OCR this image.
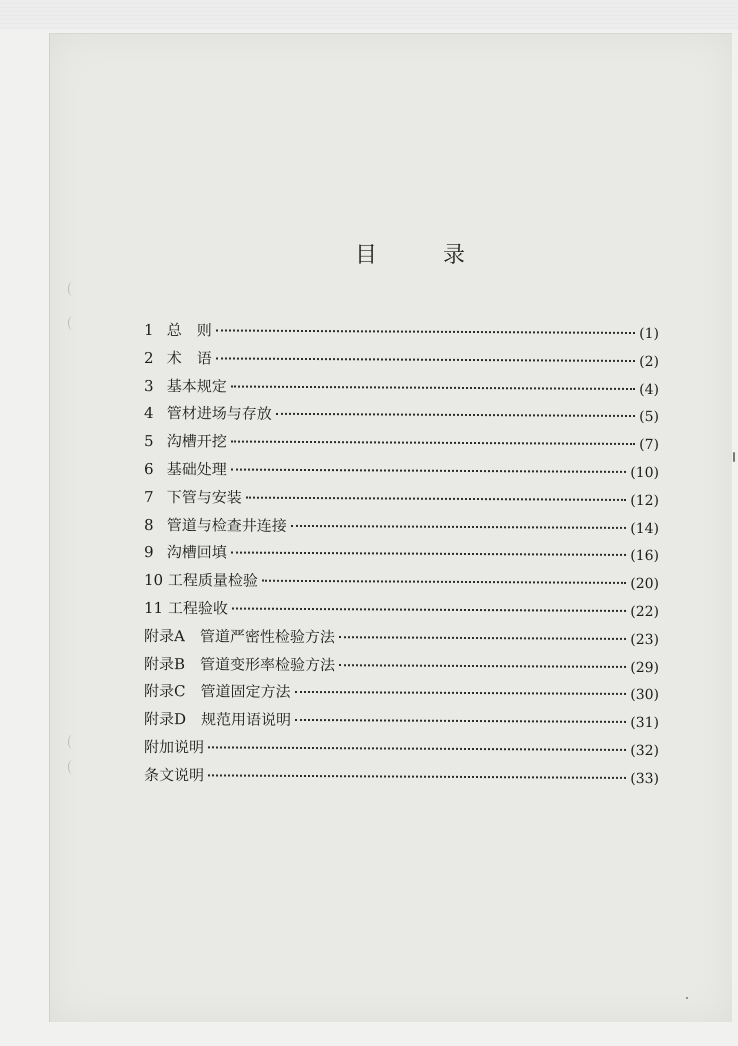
目	录
1 总　则	(1)
2 术　语	(2)
3 基本规定	(4)
4 管材进场与存放	(5)
5 沟槽开挖	(7)
6 基础处理	(10)
7 下管与安装	(12)
8 管道与检查井连接	(14)
9 沟槽回填	(16)
10 工程质量检验	(20)
11 工程验收	(22)
附录A　 管道严密性检验方法	(23)
附录B　 管道变形率检验方法	(29)
附录C　 管道固定方法	(30)
附录D　 规范用语说明	(31)
附加说明	(32)
条文说明	(33)
